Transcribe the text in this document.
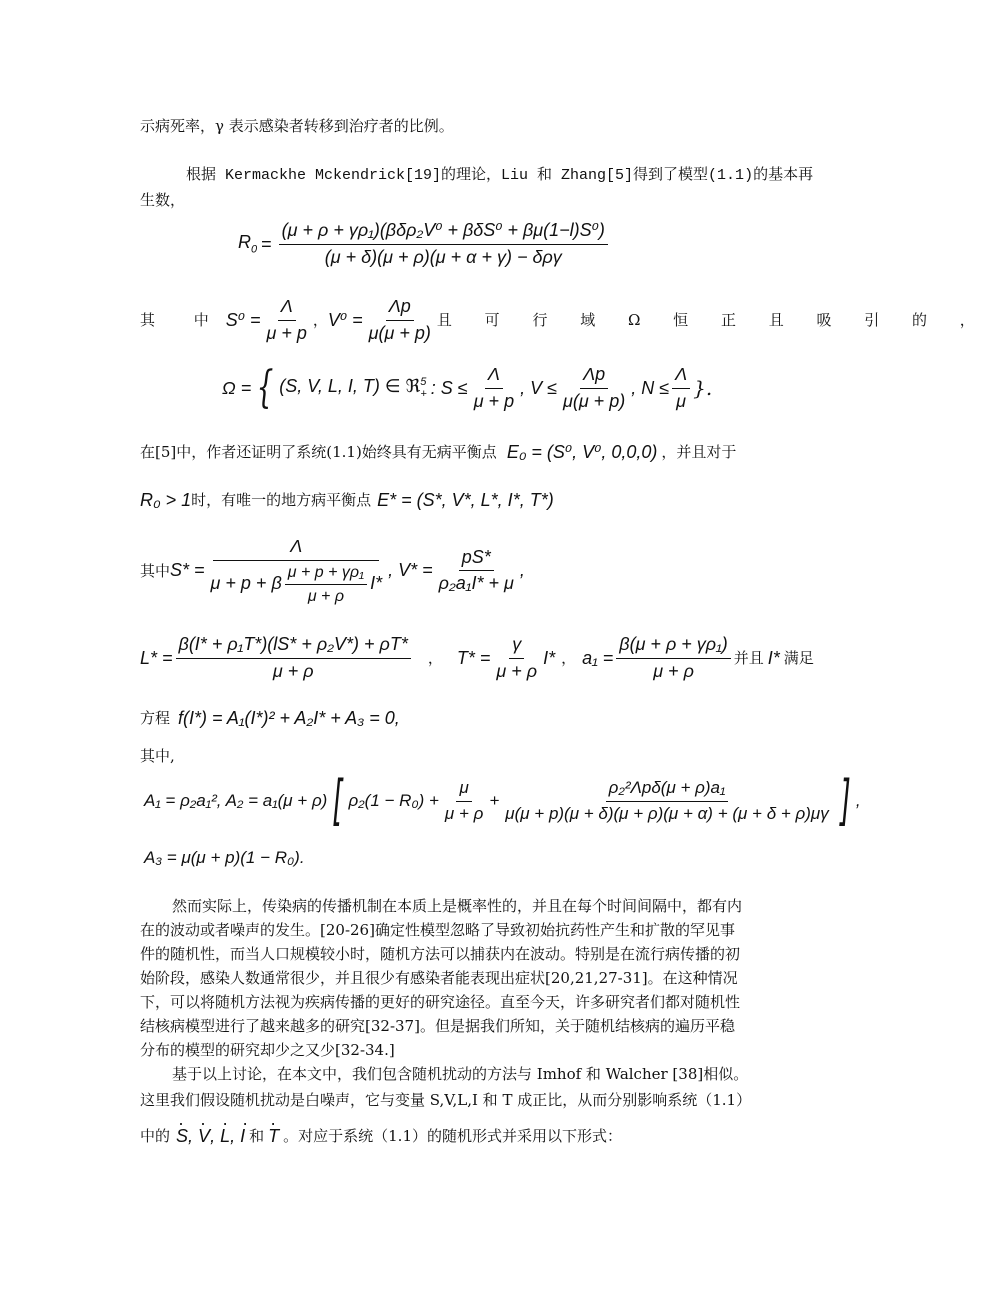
示病死率，γ 表示感染者转移到治疗者的比例。
根据 Kermackhe Mckendrick[19]的理论，Liu 和 Zhang[5]得到了模型(1.1)的基本再
生数，
$R_0 = \frac{\text{(μ + ρ + γρ₁)(βδρ₂V⁰ + βδS⁰ + βμ(1−l)S⁰)}}{\text{(μ + δ)(μ + ρ)(μ + α + γ) − δργ}}$
其 中 $S^0 = \frac{\Lambda}{\mu + p}$ ， $V^0 = \frac{\Lambda p}{\mu(\mu + p)}$ 且 可 行 域 Ω 恒 正 且 吸 引 的 ，
Ω = { (S, V, L, I, T) ∈ ℜ$^5_+$ : $S \le \frac{\Lambda}{\mu + p}$ , $V \le \frac{\Lambda p}{\mu(\mu + p)}$ , $N \le \frac{\Lambda}{\mu}$ }.
在[5]中，作者还证明了系统(1.1)始终具有无病平衡点 E₀ = (S⁰, V⁰, 0,0,0) ，并且对于
R₀ > 1 时，有唯一的地方病平衡点 E* = (S*, V*, L*, I*, T*)
其中 $S* = \frac{\Lambda}{\mu + p + \beta \frac{\text{μ + p + γρ₁}}{\mu + \rho} I*}$ , $V* = \frac{pS*}{\text{ρ₂a₁I* + μ}}$ ,
$L* = \frac{\text{β(I* + ρ₁T*)(lS* + ρ₂V*) + ρT*}}{\mu + \rho}$ ， $T* = \frac{\gamma}{\mu + \rho} I*$ ， $a_1 = \frac{\text{β(μ + ρ + γρ₁)}}{\mu + \rho}$ 并且 I* 满足
方程 f(I*) = A₁(I*)² + A₂I* + A₃ = 0,
其中,
A₁ = ρ₂a₁², A₂ = a₁(μ + ρ) [ $\rho_2(1 - R_0) + \frac{\mu}{\mu + \rho} + \frac{\text{ρ₂²Λpδ(μ + ρ)a₁}}{\mu(\mu + p)(\mu + \delta)(\mu + \rho)(\mu + \alpha) + (\mu + \delta + \rho)\mu\gamma}$ ] ,
A₃ = μ(μ + p)(1 − R₀).
然而实际上，传染病的传播机制在本质上是概率性的，并且在每个时间间隔中，都有内
在的波动或者噪声的发生。[20-26]确定性模型忽略了导致初始抗药性产生和扩散的罕见事
件的随机性，而当人口规模较小时，随机方法可以捕获内在波动。特别是在流行病传播的初
始阶段，感染人数通常很少，并且很少有感染者能表现出症状[20,21,27-31]。在这种情况
下，可以将随机方法视为疾病传播的更好的研究途径。直至今天，许多研究者们都对随机性
结核病模型进行了越来越多的研究[32-37]。但是据我们所知，关于随机结核病的遍历平稳
分布的模型的研究却少之又少[32-34.]
基于以上讨论，在本文中，我们包含随机扰动的方法与 Imhof 和 Walcher [38]相似。
这里我们假设随机扰动是白噪声，它与变量 S,V,L,I 和 T 成正比，从而分别影响系统（1.1）
中的 · S, · V, · L, · I 和 · T 。对应于系统（1.1）的随机形式并采用以下形式：
